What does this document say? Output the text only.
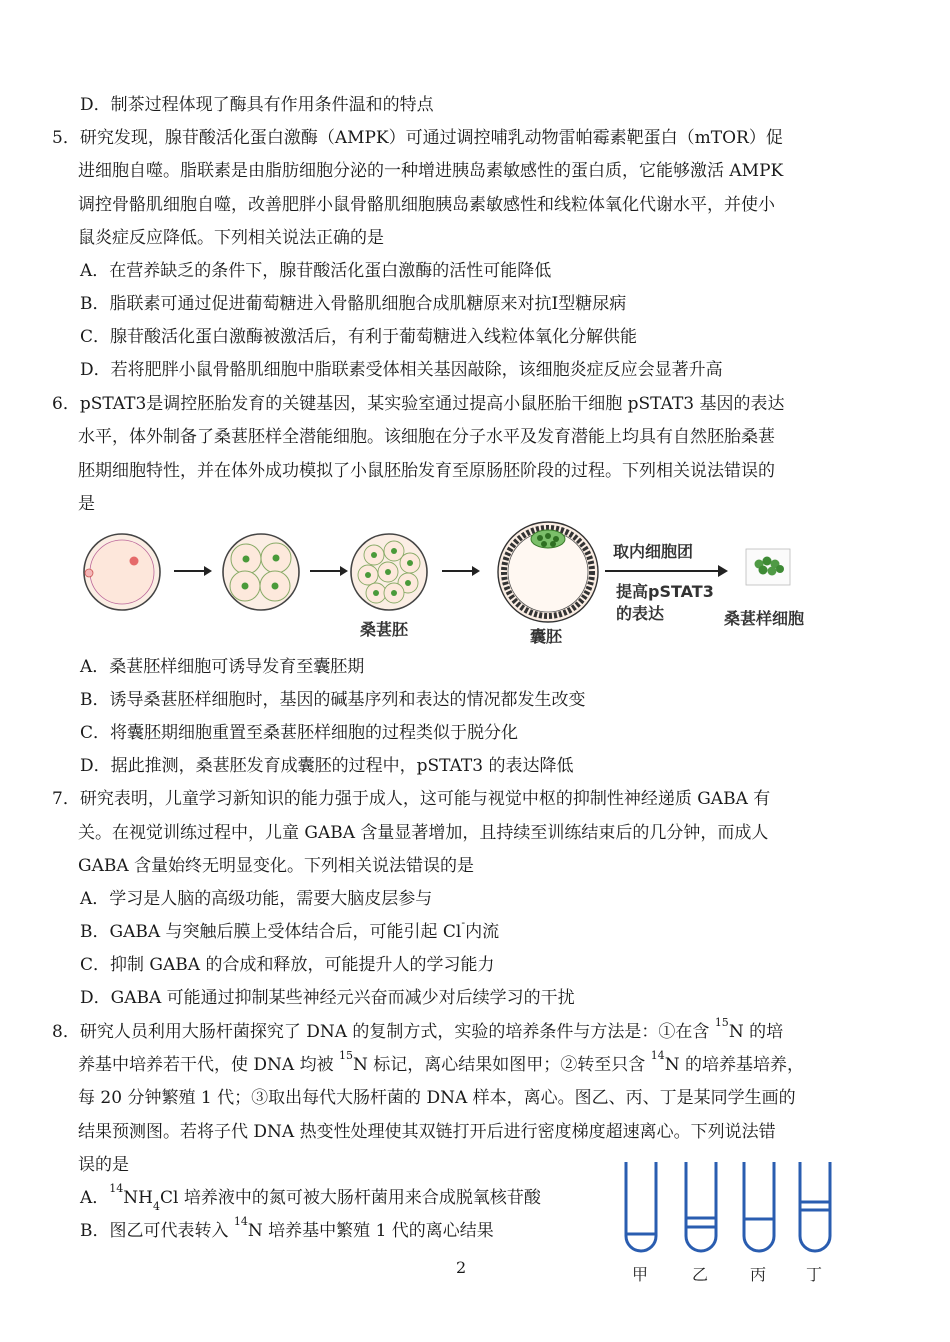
D．制茶过程体现了酶具有作用条件温和的特点
5．研究发现，腺苷酸活化蛋白激酶（AMPK）可通过调控哺乳动物雷帕霉素靶蛋白（mTOR）促
进细胞自噬。脂联素是由脂肪细胞分泌的一种增进胰岛素敏感性的蛋白质，它能够激活 AMPK
调控骨骼肌细胞自噬，改善肥胖小鼠骨骼肌细胞胰岛素敏感性和线粒体氧化代谢水平，并使小
鼠炎症反应降低。下列相关说法正确的是
A．在营养缺乏的条件下，腺苷酸活化蛋白激酶的活性可能降低
B．脂联素可通过促进葡萄糖进入骨骼肌细胞合成肌糖原来对抗Ⅰ型糖尿病
C．腺苷酸活化蛋白激酶被激活后，有利于葡萄糖进入线粒体氧化分解供能
D．若将肥胖小鼠骨骼肌细胞中脂联素受体相关基因敲除，该细胞炎症反应会显著升高
6．pSTAT3是调控胚胎发育的关键基因，某实验室通过提高小鼠胚胎干细胞 pSTAT3 基因的表达
水平，体外制备了桑葚胚样全潜能细胞。该细胞在分子水平及发育潜能上均具有自然胚胎桑葚
胚期细胞特性，并在体外成功模拟了小鼠胚胎发育至原肠胚阶段的过程。下列相关说法错误的
是
桑葚胚	囊胚
取内细胞团
提高pSTAT3
的表达	桑葚样细胞
A．桑葚胚样细胞可诱导发育至囊胚期
B．诱导桑葚胚样细胞时，基因的碱基序列和表达的情况都发生改变
C．将囊胚期细胞重置至桑葚胚样细胞的过程类似于脱分化
D．据此推测，桑葚胚发育成囊胚的过程中，pSTAT3 的表达降低
7．研究表明，儿童学习新知识的能力强于成人，这可能与视觉中枢的抑制性神经递质 GABA 有
关。在视觉训练过程中，儿童 GABA 含量显著增加，且持续至训练结束后的几分钟，而成人
GABA 含量始终无明显变化。下列相关说法错误的是
A．学习是人脑的高级功能，需要大脑皮层参与
B．GABA 与突触后膜上受体结合后，可能引起 Cl-内流
C．抑制 GABA 的合成和释放，可能提升人的学习能力
D．GABA 可能通过抑制某些神经元兴奋而减少对后续学习的干扰
8．研究人员利用大肠杆菌探究了 DNA 的复制方式，实验的培养条件与方法是：①在含 $^{15}$N 的培
养基中培养若干代，使 DNA 均被 $^{15}$N 标记，离心结果如图甲；②转至只含 $^{14}$N 的培养基培养，
每 20 分钟繁殖 1 代；③取出每代大肠杆菌的 DNA 样本，离心。图乙、丙、丁是某同学生画的
结果预测图。若将子代 DNA 热变性处理使其双链打开后进行密度梯度超速离心。下列说法错
误的是
A．$^{14}NH_4Cl$ 培养液中的氮可被大肠杆菌用来合成脱氧核苷酸
B．图乙可代表转入 $^{14}$N 培养基中繁殖 1 代的离心结果
甲	乙	丙 丁
2
